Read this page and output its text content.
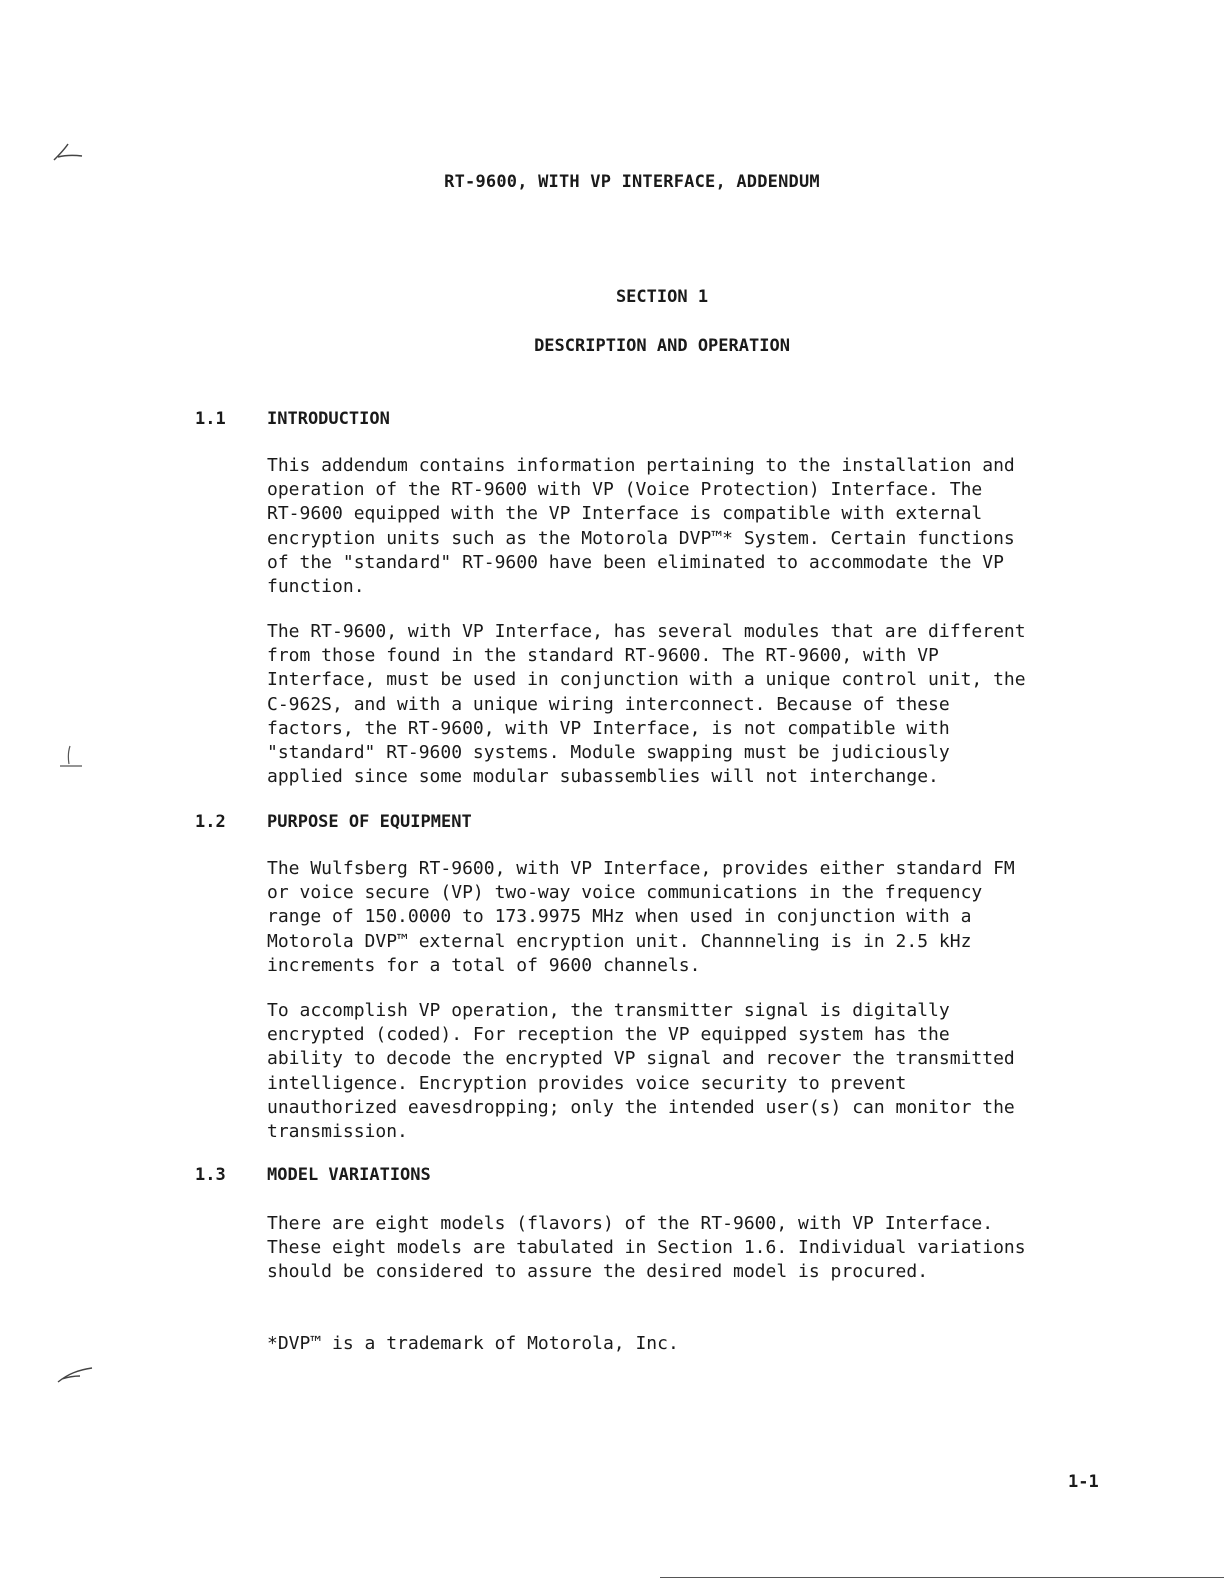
RT-9600, WITH VP INTERFACE, ADDENDUM
SECTION 1
DESCRIPTION AND OPERATION
1.1 INTRODUCTION

This addendum contains information pertaining to the installation and
operation of the RT-9600 with VP (Voice Protection) Interface. The
RT-9600 equipped with the VP Interface is compatible with external
encryption units such as the Motorola DVP™* System. Certain functions
of the "standard" RT-9600 have been eliminated to accommodate the VP
function.

The RT-9600, with VP Interface, has several modules that are different
from those found in the standard RT-9600. The RT-9600, with VP
Interface, must be used in conjunction with a unique control unit, the
C-962S, and with a unique wiring interconnect. Because of these
factors, the RT-9600, with VP Interface, is not compatible with
"standard" RT-9600 systems. Module swapping must be judiciously
applied since some modular subassemblies will not interchange.

1.2 PURPOSE OF EQUIPMENT

The Wulfsberg RT-9600, with VP Interface, provides either standard FM
or voice secure (VP) two-way voice communications in the frequency
range of 150.0000 to 173.9975 MHz when used in conjunction with a
Motorola DVP™ external encryption unit. Channneling is in 2.5 kHz
increments for a total of 9600 channels.

To accomplish VP operation, the transmitter signal is digitally
encrypted (coded). For reception the VP equipped system has the
ability to decode the encrypted VP signal and recover the transmitted
intelligence. Encryption provides voice security to prevent
unauthorized eavesdropping; only the intended user(s) can monitor the
transmission.

1.3 MODEL VARIATIONS

There are eight models (flavors) of the RT-9600, with VP Interface.
These eight models are tabulated in Section 1.6. Individual variations
should be considered to assure the desired model is procured.

*DVP™ is a trademark of Motorola, Inc.
1-1
